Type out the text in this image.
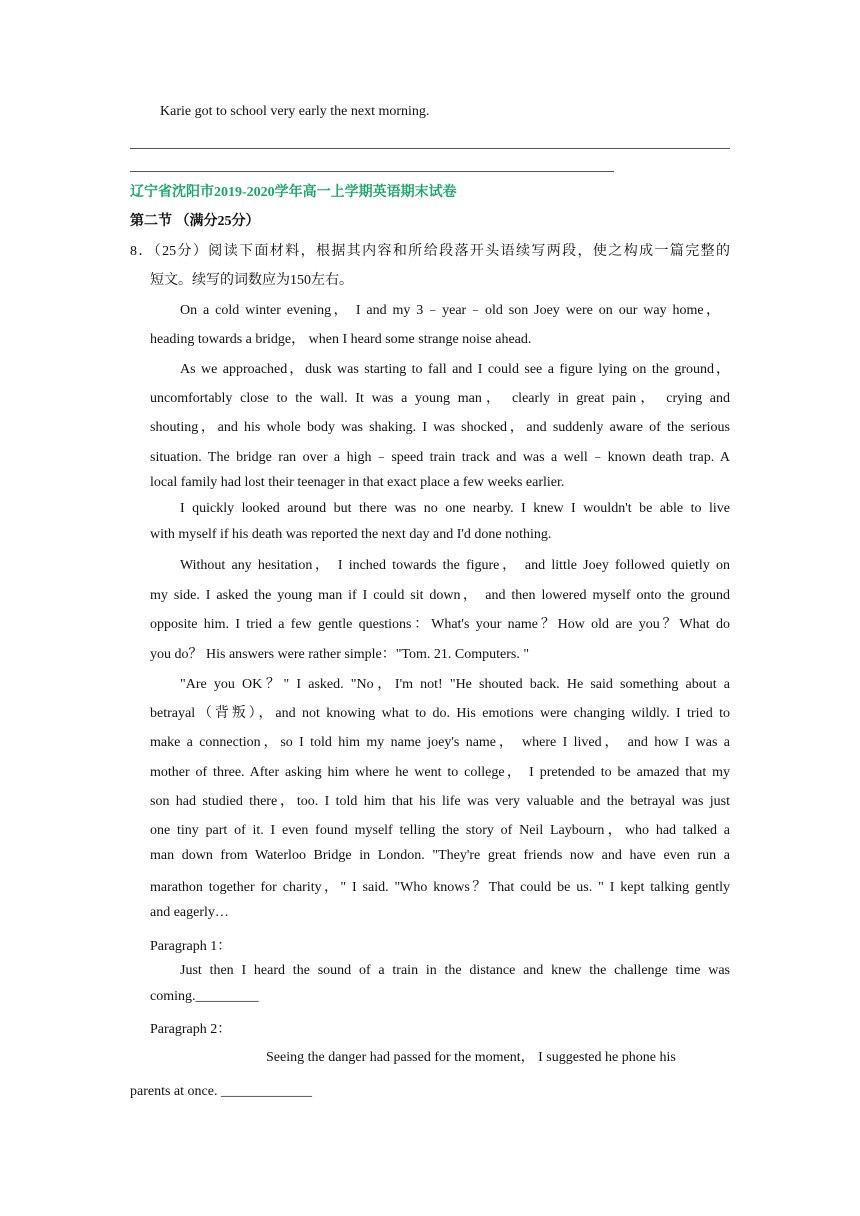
Karie got to school very early the next morning.
辽宁省沈阳市2019-2020学年高一上学期英语期末试卷
第二节 （满分25分）
8．（25分）阅读下面材料，根据其内容和所给段落开头语续写两段，使之构成一篇完整的
短文。续写的词数应为150左右。
On a cold winter evening， I and my 3﹣year﹣old son Joey were on our way home，
heading towards a bridge， when I heard some strange noise ahead.
As we approached，dusk was starting to fall and I could see a figure lying on the ground，
uncomfortably close to the wall. It was a young man， clearly in great pain， crying and
shouting，and his whole body was shaking. I was shocked，and suddenly aware of the serious
situation. The bridge ran over a high﹣speed train track and was a well﹣known death trap. A
local family had lost their teenager in that exact place a few weeks earlier.
I quickly looked around but there was no one nearby. I knew I wouldn't be able to live
with myself if his death was reported the next day and I'd done nothing.
Without any hesitation， I inched towards the figure， and little Joey followed quietly on
my side. I asked the young man if I could sit down， and then lowered myself onto the ground
opposite him. I tried a few gentle questions：What's your name？How old are you？What do
you do？ His answers were rather simple："Tom. 21. Computers. "
"Are you OK？" I asked. "No，I'm not! "He shouted back. He said something about a
betrayal（背叛），and not knowing what to do. His emotions were changing wildly. I tried to
make a connection，so I told him my name joey's name， where I lived， and how I was a
mother of three. After asking him where he went to college， I pretended to be amazed that my
son had studied there，too. I told him that his life was very valuable and the betrayal was just
one tiny part of it. I even found myself telling the story of Neil Laybourn，who had talked a
man down from Waterloo Bridge in London. "They're great friends now and have even run a
marathon together for charity，" I said. "Who knows？That could be us. " I kept talking gently
and eagerly…
Paragraph 1：
Just then I heard the sound of a train in the distance and knew the challenge time was
coming._________
Paragraph 2：
Seeing the danger had passed for the moment， I suggested he phone his
parents at once. _____________
